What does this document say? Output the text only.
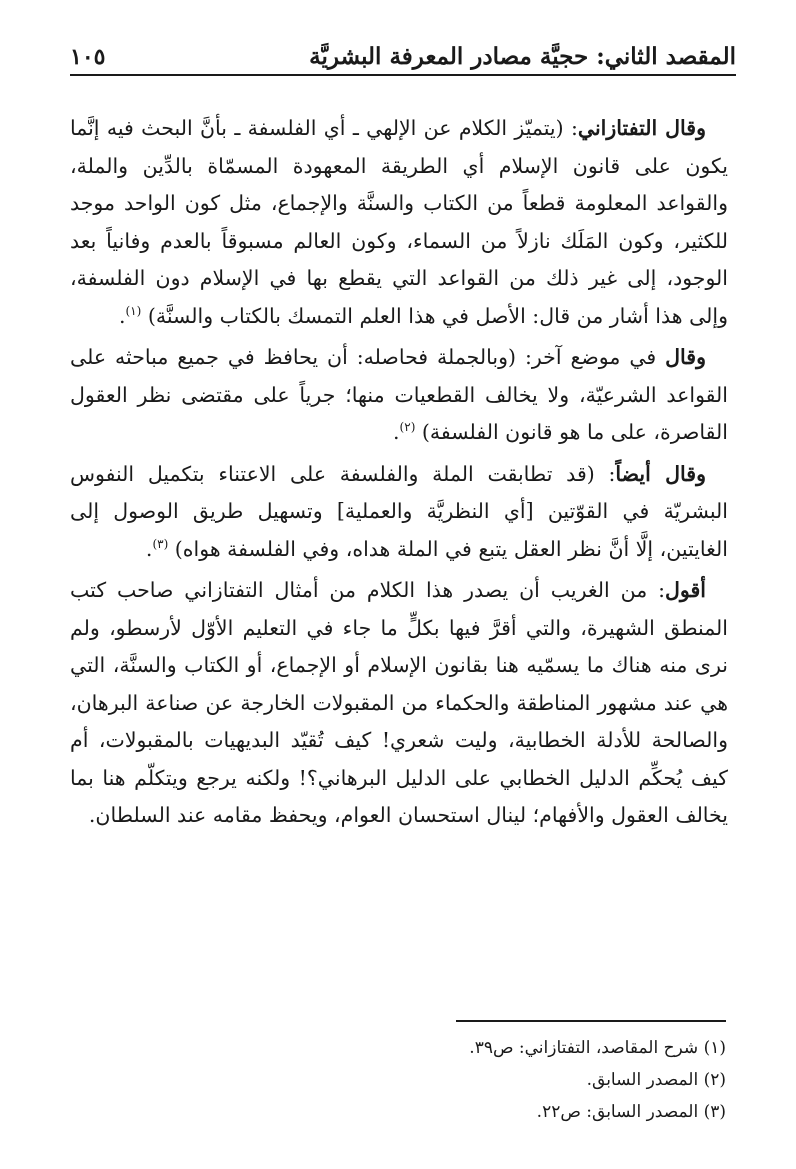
المقصد الثاني: حجيَّة مصادر المعرفة البشريَّة
١٠٥

وقال التفتازاني: (يتميّز الكلام عن الإلهي ـ أي الفلسفة ـ بأنَّ البحث فيه إنَّما يكون على قانون الإسلام أي الطريقة المعهودة المسمّاة بالدِّين والملة، والقواعد المعلومة قطعاً من الكتاب والسنَّة والإجماع، مثل كون الواحد موجد للكثير، وكون المَلَك نازلاً من السماء، وكون العالم مسبوقاً بالعدم وفانياً بعد الوجود، إلى غير ذلك من القواعد التي يقطع بها في الإسلام دون الفلسفة، وإلى هذا أشار من قال: الأصل في هذا العلم التمسك بالكتاب والسنَّة) $^{(١)}$.

وقال في موضع آخر: (وبالجملة فحاصله: أن يحافظ في جميع مباحثه على القواعد الشرعيّة، ولا يخالف القطعيات منها؛ جرياً على مقتضى نظر العقول القاصرة، على ما هو قانون الفلسفة) $^{(٢)}$.

وقال أيضاً: (قد تطابقت الملة والفلسفة على الاعتناء بتكميل النفوس البشريّة في القوّتين [أي النظريَّة والعملية] وتسهيل طريق الوصول إلى الغايتين، إلَّا أنَّ نظر العقل يتبع في الملة هداه، وفي الفلسفة هواه) $^{(٣)}$.

أقول: من الغريب أن يصدر هذا الكلام من أمثال التفتازاني صاحب كتب المنطق الشهيرة، والتي أقرَّ فيها بكلٍّ ما جاء في التعليم الأوّل لأرسطو، ولم نرى منه هناك ما يسمّيه هنا بقانون الإسلام أو الإجماع، أو الكتاب والسنَّة، التي هي عند مشهور المناطقة والحكماء من المقبولات الخارجة عن صناعة البرهان، والصالحة للأدلة الخطابية، وليت شعري! كيف تُقيّد البديهيات بالمقبولات، أم كيف يُحكِّم الدليل الخطابي على الدليل البرهاني؟! ولكنه يرجع ويتكلّم هنا بما يخالف العقول والأفهام؛ لينال استحسان العوام، ويحفظ مقامه عند السلطان.

(١) شرح المقاصد، التفتازاني: ص٣٩.
(٢) المصدر السابق.
(٣) المصدر السابق: ص٢٢.
